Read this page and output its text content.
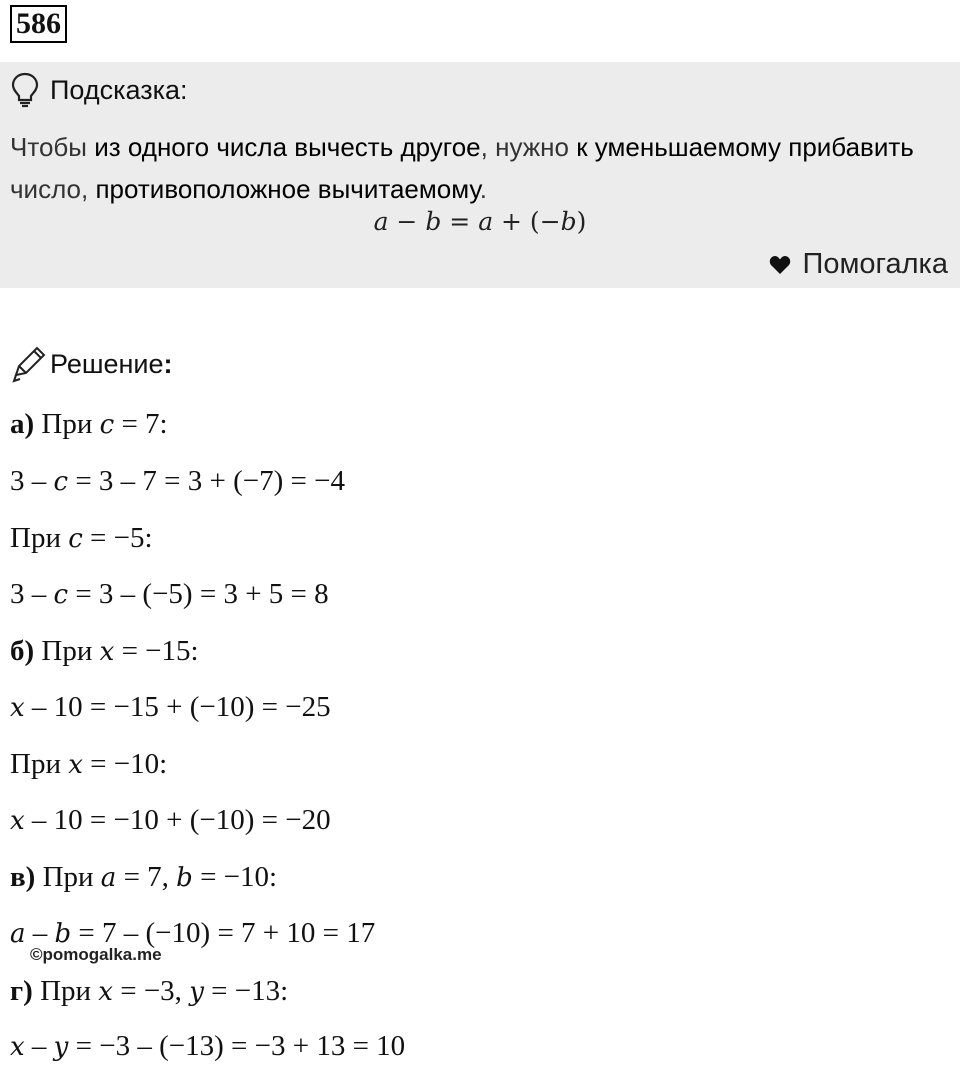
586
Подсказка:
Чтобы из одного числа вычесть другое, нужно к уменьшаемому прибавить число, противоположное вычитаемому.
a − b = a + (−b)
Помогалка
Решение :
а) При c = 7:
3 – c = 3 – 7 = 3 + (−7) = −4
При c = −5:
3 – c = 3 – (−5) = 3 + 5 = 8
б) При x = −15:
x – 10 = −15 + (−10) = −25
При x = −10:
x – 10 = −10 + (−10) = −20
в) При a = 7, b = −10:
a – b = 7 – (−10) = 7 + 10 = 17
г) При x = −3, y = −13:
x – y = −3 – (−13) = −3 + 13 = 10
©pomogalka.me
